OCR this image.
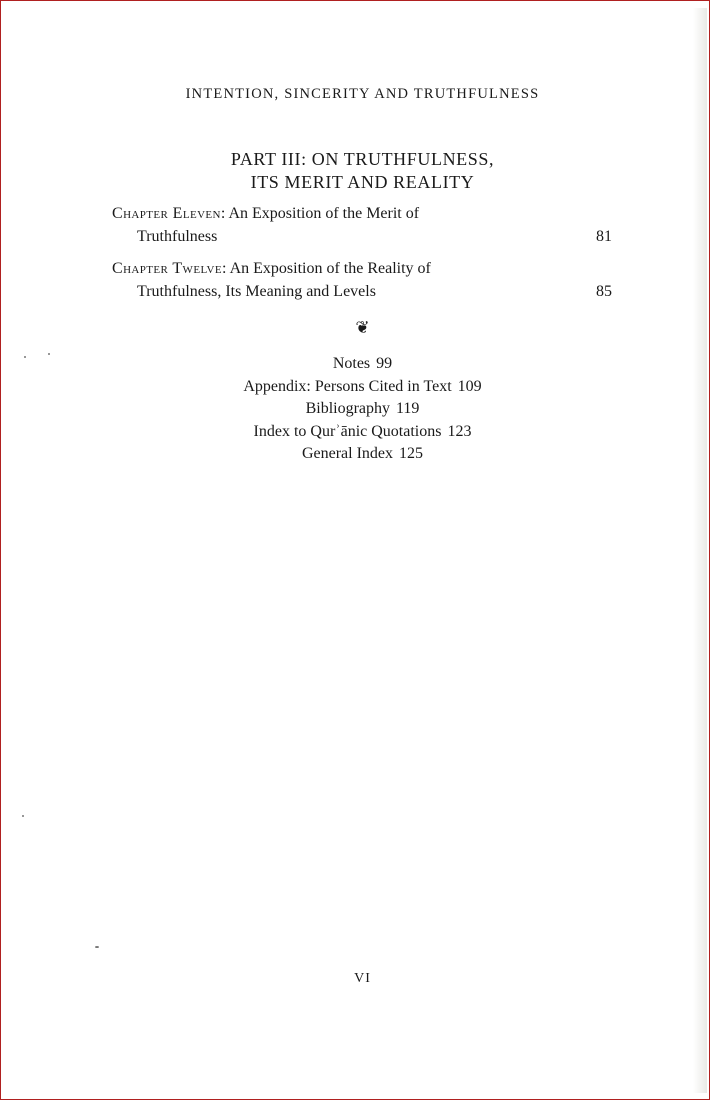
INTENTION, SINCERITY AND TRUTHFULNESS
PART III: ON TRUTHFULNESS,
ITS MERIT AND REALITY
Chapter Eleven: An Exposition of the Merit of
Truthfulness	81
Chapter Twelve: An Exposition of the Reality of
Truthfulness, Its Meaning and Levels	85
❦
Notes 99
Appendix: Persons Cited in Text 109
Bibliography 119
Index to Qurʾānic Quotations 123
General Index 125
VI
